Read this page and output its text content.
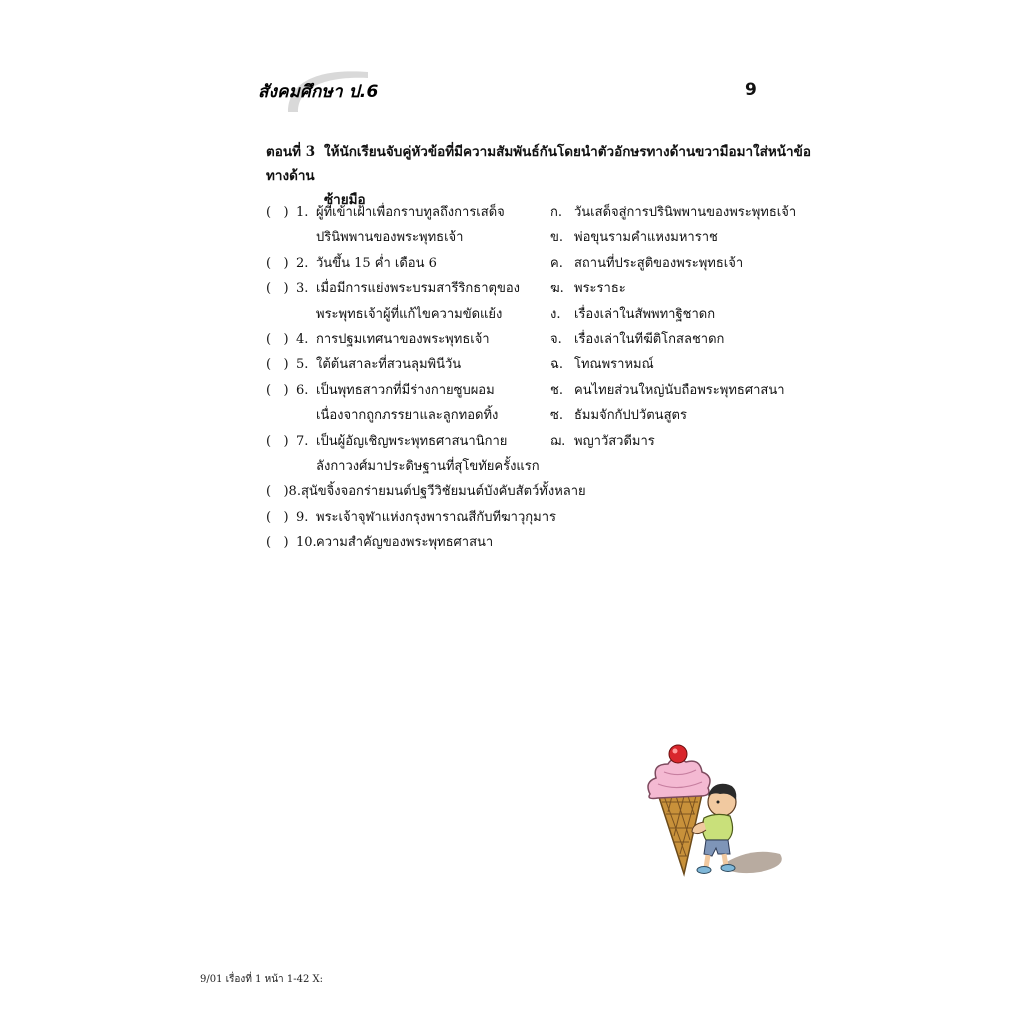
สังคมศึกษา ป.6	9
ตอนที่ 3 ให้นักเรียนจับคู่หัวข้อที่มีความสัมพันธ์กันโดยนำตัวอักษรทางด้านขวามือมาใส่หน้าข้อทางด้าน
ซ้ายมือ
(   ) 1. ผู้ที่เข้าเฝ้าเพื่อกราบทูลถึงการเสด็จ
ปรินิพพานของพระพุทธเจ้า
(   ) 2. วันขึ้น 15 ค่ำ เดือน 6
(   ) 3. เมื่อมีการแย่งพระบรมสารีริกธาตุของ
พระพุทธเจ้าผู้ที่แก้ไขความขัดแย้ง
(   ) 4. การปฐมเทศนาของพระพุทธเจ้า
(   ) 5. ใต้ต้นสาละที่สวนลุมพินีวัน
(   ) 6. เป็นพุทธสาวกที่มีร่างกายซูบผอม
เนื่องจากถูกภรรยาและลูกทอดทิ้ง
(   ) 7. เป็นผู้อัญเชิญพระพุทธศาสนานิกาย
ลังกาวงศ์มาประดิษฐานที่สุโขทัยครั้งแรก
(   ) 8. สุนัขจิ้งจอกร่ายมนต์ปฐวีวิชัยมนต์บังคับสัตว์ทั้งหลาย
(   ) 9. พระเจ้าจุฬาแห่งกรุงพาราณสีกับทีฆาวุกุมาร
(   ) 10. ความสำคัญของพระพุทธศาสนา
ก. วันเสด็จสู่การปรินิพพานของพระพุทธเจ้า
ข. พ่อขุนรามคำแหงมหาราช
ค. สถานที่ประสูติของพระพุทธเจ้า
ฆ. พระราธะ
ง.	เรื่องเล่าในสัพพทาฐิชาดก
จ. เรื่องเล่าในทีฆีติโกสลชาดก
ฉ. โทณพราหมณ์
ช. คนไทยส่วนใหญ่นับถือพระพุทธศาสนา
ซ. ธัมมจักกัปปวัตนสูตร
ฌ. พญาวัสวดีมาร
9/01 เรื่องที่ 1 หน้า 1-42 X:
